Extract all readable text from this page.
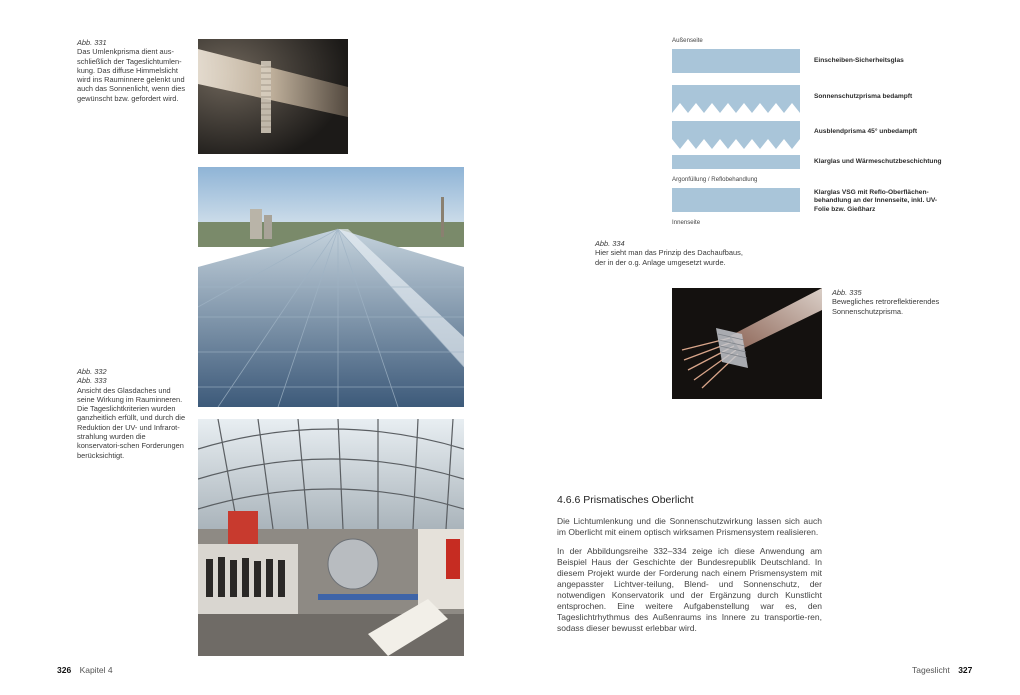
Abb. 331
Das Umlenkprisma dient aus-schließlich der Tageslichtumlen-kung. Das diffuse Himmelslicht wird ins Rauminnere gelenkt und auch das Sonnenlicht, wenn dies gewünscht bzw. gefordert wird.
Abb. 332
Abb. 333
Ansicht des Glasdaches und seine Wirkung im Rauminneren. Die Tageslichtkriterien wurden ganzheitlich erfüllt, und durch die Reduktion der UV- und Infrarot-strahlung wurden die konservatori-schen Forderungen berücksichtigt.
326 Kapitel 4
Außenseite
Einscheiben-Sicherheitsglas
Sonnenschutzprisma bedampft
Ausblendprisma 45° unbedampft
Klarglas und Wärmeschutzbeschichtung
Argonfüllung / Reflobehandlung
Klarglas VSG mit Reflo-Oberflächen-behandlung an der Innenseite, inkl. UV-Folie bzw. Gießharz
Innenseite
Abb. 334
Hier sieht man das Prinzip des Dachaufbaus, der in der o.g. Anlage umgesetzt wurde.
Abb. 335
Bewegliches retroreflektierendes Sonnenschutzprisma.
4.6.6 Prismatisches Oberlicht

Die Lichtumlenkung und die Sonnenschutzwirkung lassen sich auch im Oberlicht mit einem optisch wirksamen Prismensystem realisieren.

In der Abbildungsreihe 332–334 zeige ich diese Anwendung am Beispiel Haus der Geschichte der Bundesrepublik Deutschland. In diesem Projekt wurde der Forderung nach einem Prismensystem mit angepasster Lichtver-teilung, Blend- und Sonnenschutz, der notwendigen Konservatorik und der Ergänzung durch Kunstlicht entsprochen. Eine weitere Aufgabenstellung war es, den Tageslichtrhythmus des Außenraums ins Innere zu transportie-ren, sodass dieser bewusst erlebbar wird.

Tageslicht 327
